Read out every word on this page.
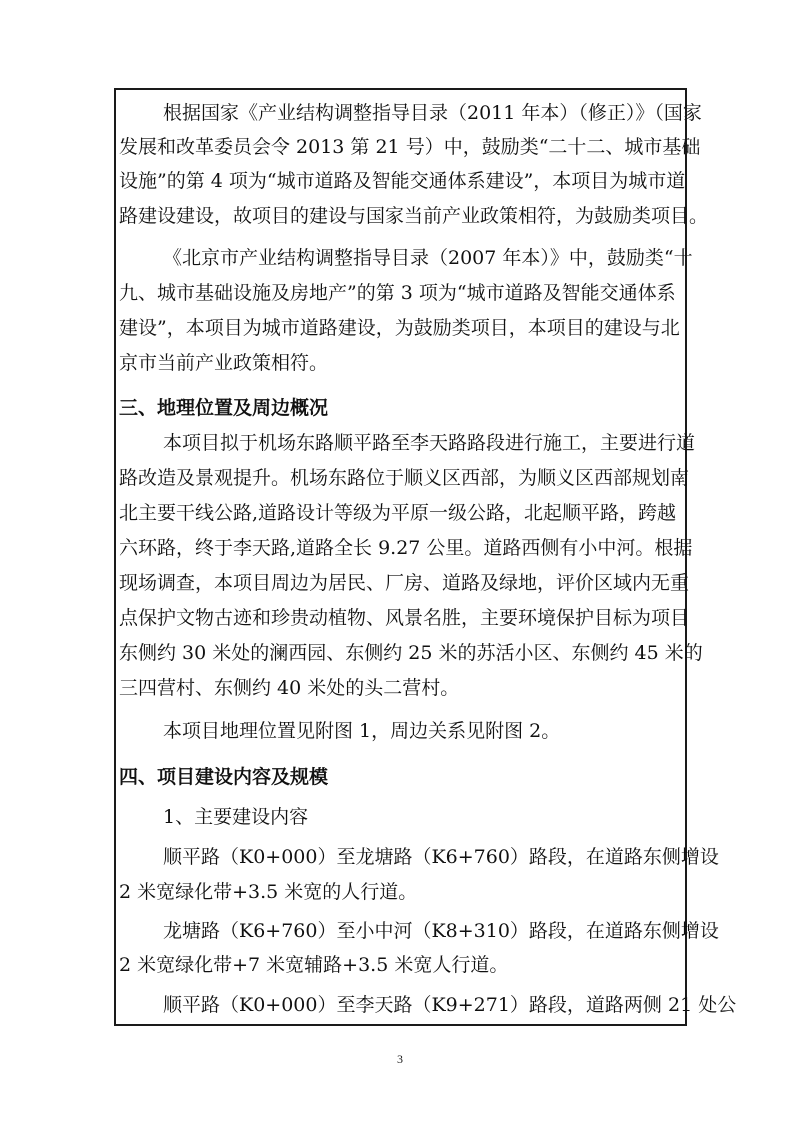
根据国家《产业结构调整指导目录（2011 年本）（修正）》（国家
发展和改革委员会令 2013 第 21 号）中，鼓励类“二十二、城市基础
设施”的第 4 项为“城市道路及智能交通体系建设”，本项目为城市道
路建设建设，故项目的建设与国家当前产业政策相符，为鼓励类项目。
《北京市产业结构调整指导目录（2007 年本）》中，鼓励类“十
九、城市基础设施及房地产”的第 3 项为“城市道路及智能交通体系
建设”，本项目为城市道路建设，为鼓励类项目，本项目的建设与北
京市当前产业政策相符。
三、地理位置及周边概况
本项目拟于机场东路顺平路至李天路路段进行施工，主要进行道
路改造及景观提升。机场东路位于顺义区西部，为顺义区西部规划南
北主要干线公路,道路设计等级为平原一级公路，北起顺平路，跨越
六环路，终于李天路,道路全长 9.27 公里。道路西侧有小中河。根据
现场调查，本项目周边为居民、厂房、道路及绿地，评价区域内无重
点保护文物古迹和珍贵动植物、风景名胜，主要环境保护目标为项目
东侧约 30 米处的澜西园、东侧约 25 米的苏活小区、东侧约 45 米的
三四营村、东侧约 40 米处的头二营村。
本项目地理位置见附图 1，周边关系见附图 2。
四、项目建设内容及规模
1、主要建设内容
顺平路（K0+000）至龙塘路（K6+760）路段，在道路东侧增设
2 米宽绿化带+3.5 米宽的人行道。
龙塘路（K6+760）至小中河（K8+310）路段，在道路东侧增设
2 米宽绿化带+7 米宽辅路+3.5 米宽人行道。
顺平路（K0+000）至李天路（K9+271）路段，道路两侧 21 处公
3
